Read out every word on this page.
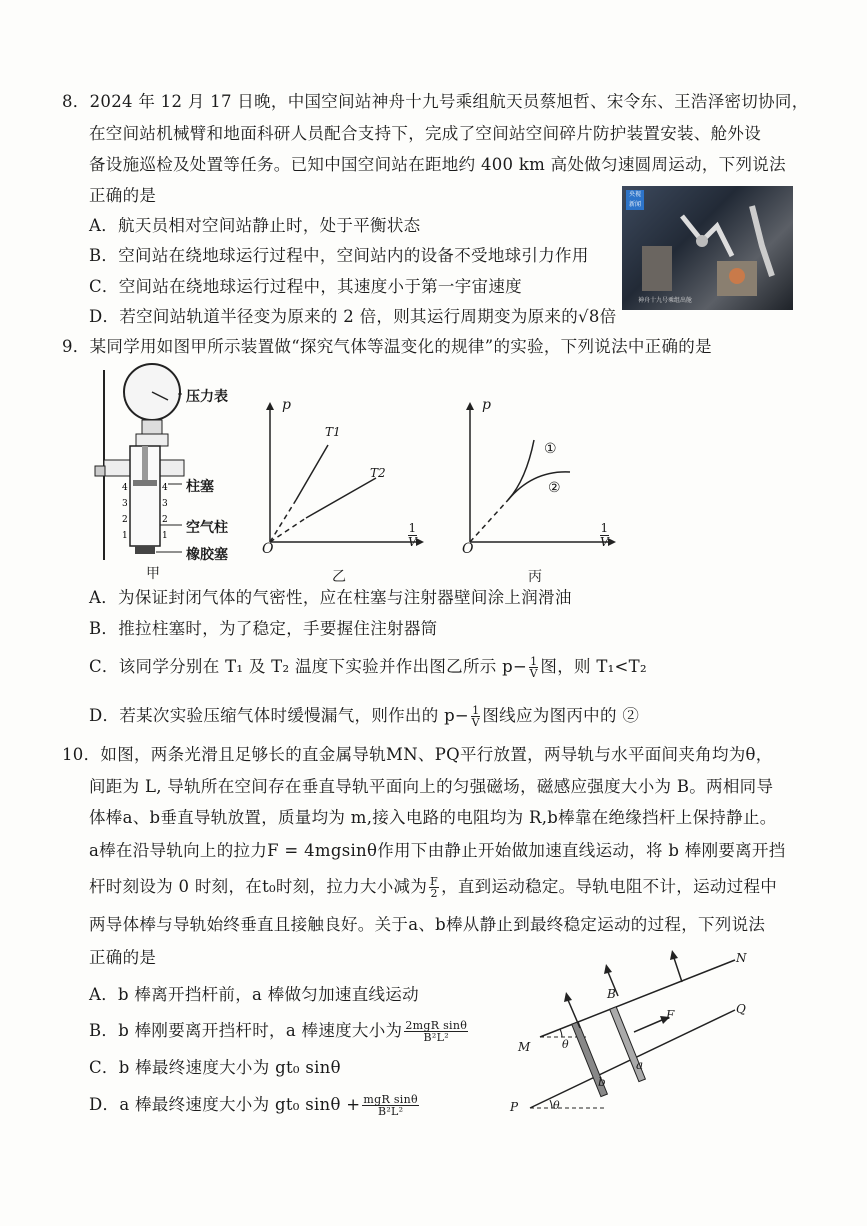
8．2024 年 12 月 17 日晚，中国空间站神舟十九号乘组航天员蔡旭哲、宋令东、王浩泽密切协同，
在空间站机械臂和地面科研人员配合支持下，完成了空间站空间碎片防护装置安装、舱外设
备设施巡检及处置等任务。已知中国空间站在距地约 400 km 高处做匀速圆周运动，下列说法
正确的是
A．航天员相对空间站静止时，处于平衡状态
B．空间站在绕地球运行过程中，空间站内的设备不受地球引力作用
C．空间站在绕地球运行过程中，其速度小于第一宇宙速度
D．若空间站轨道半径变为原来的 2 倍，则其运行周期变为原来的√8倍
央视 新闻
神舟十九号乘组出舱
9．某同学用如图甲所示装置做“探究气体等温变化的规律”的实验，下列说法中正确的是
4
3
2
1
4
3
2
1
压力表
柱塞
空气柱
橡胶塞
甲
p
O
T1
T2
$\frac{1}{V}$
乙
p
O
①
②
$\frac{1}{V}$
丙
A．为保证封闭气体的气密性，应在柱塞与注射器壁间涂上润滑油
B．推拉柱塞时，为了稳定，手要握住注射器筒
C．该同学分别在 T₁ 及 T₂ 温度下实验并作出图乙所示 $p- \frac{1}{V}$ 图，则 T₁<T₂
D．若某次实验压缩气体时缓慢漏气，则作出的 $p- \frac{1}{V}$ 图线应为图丙中的 ②
10．如图，两条光滑且足够长的直金属导轨MN、PQ平行放置，两导轨与水平面间夹角均为θ，
间距为 L, 导轨所在空间存在垂直导轨平面向上的匀强磁场，磁感应强度大小为 B。两相同导
体棒a、b垂直导轨放置，质量均为 m,接入电路的电阻均为 R,b棒靠在绝缘挡杆上保持静止。
a棒在沿导轨向上的拉力F = 4mgsinθ作用下由静止开始做加速直线运动，将 b 棒刚要离开挡
杆时刻设为 0 时刻，在t₀时刻，拉力大小减为 $\frac{F}{2}$ ，直到运动稳定。导轨电阻不计，运动过程中
两导体棒与导轨始终垂直且接触良好。关于a、b棒从静止到最终稳定运动的过程，下列说法
正确的是
A．b 棒离开挡杆前，a 棒做匀加速直线运动
B．b 棒刚要离开挡杆时，a 棒速度大小为 $\frac{\text{2mgR sinθ}}{\text{B²L²}}$
C．b 棒最终速度大小为 gt₀ sinθ
D．a 棒最终速度大小为 gt₀ $\sin\theta + \frac{\text{mgR sinθ}}{\text{B²L²}}$
N
Q
M
P
B
F
a
b
θ
θ
